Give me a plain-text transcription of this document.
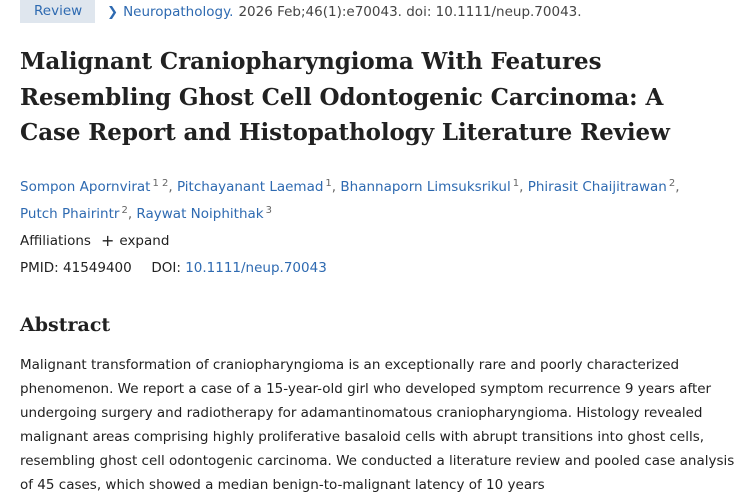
Review	❯ Neuropathology. 2026 Feb;46(1):e70043. doi: 10.1111/neup.70043.
Malignant Craniopharyngioma With Features Resembling Ghost Cell Odontogenic Carcinoma: A Case Report and Histopathology Literature Review
Sompon Apornvirat $^{1 2}$, Pitchayanant Laemad $^1$, Bhannaporn Limsuksrikul $^1$, Phirasit Chaijitrawan $^2$, Putch Phairintr $^2$, Raywat Noiphithak $^3$
Affiliations + expand
PMID: 41549400 DOI: 10.1111/neup.70043
Abstract

Malignant transformation of craniopharyngioma is an exceptionally rare and poorly characterized phenomenon. We report a case of a 15-year-old girl who developed symptom recurrence 9 years after undergoing surgery and radiotherapy for adamantinomatous craniopharyngioma. Histology revealed malignant areas comprising highly proliferative basaloid cells with abrupt transitions into ghost cells, resembling ghost cell odontogenic carcinoma. We conducted a literature review and pooled case analysis of 45 cases, which showed a median benign-to-malignant latency of 10 years
